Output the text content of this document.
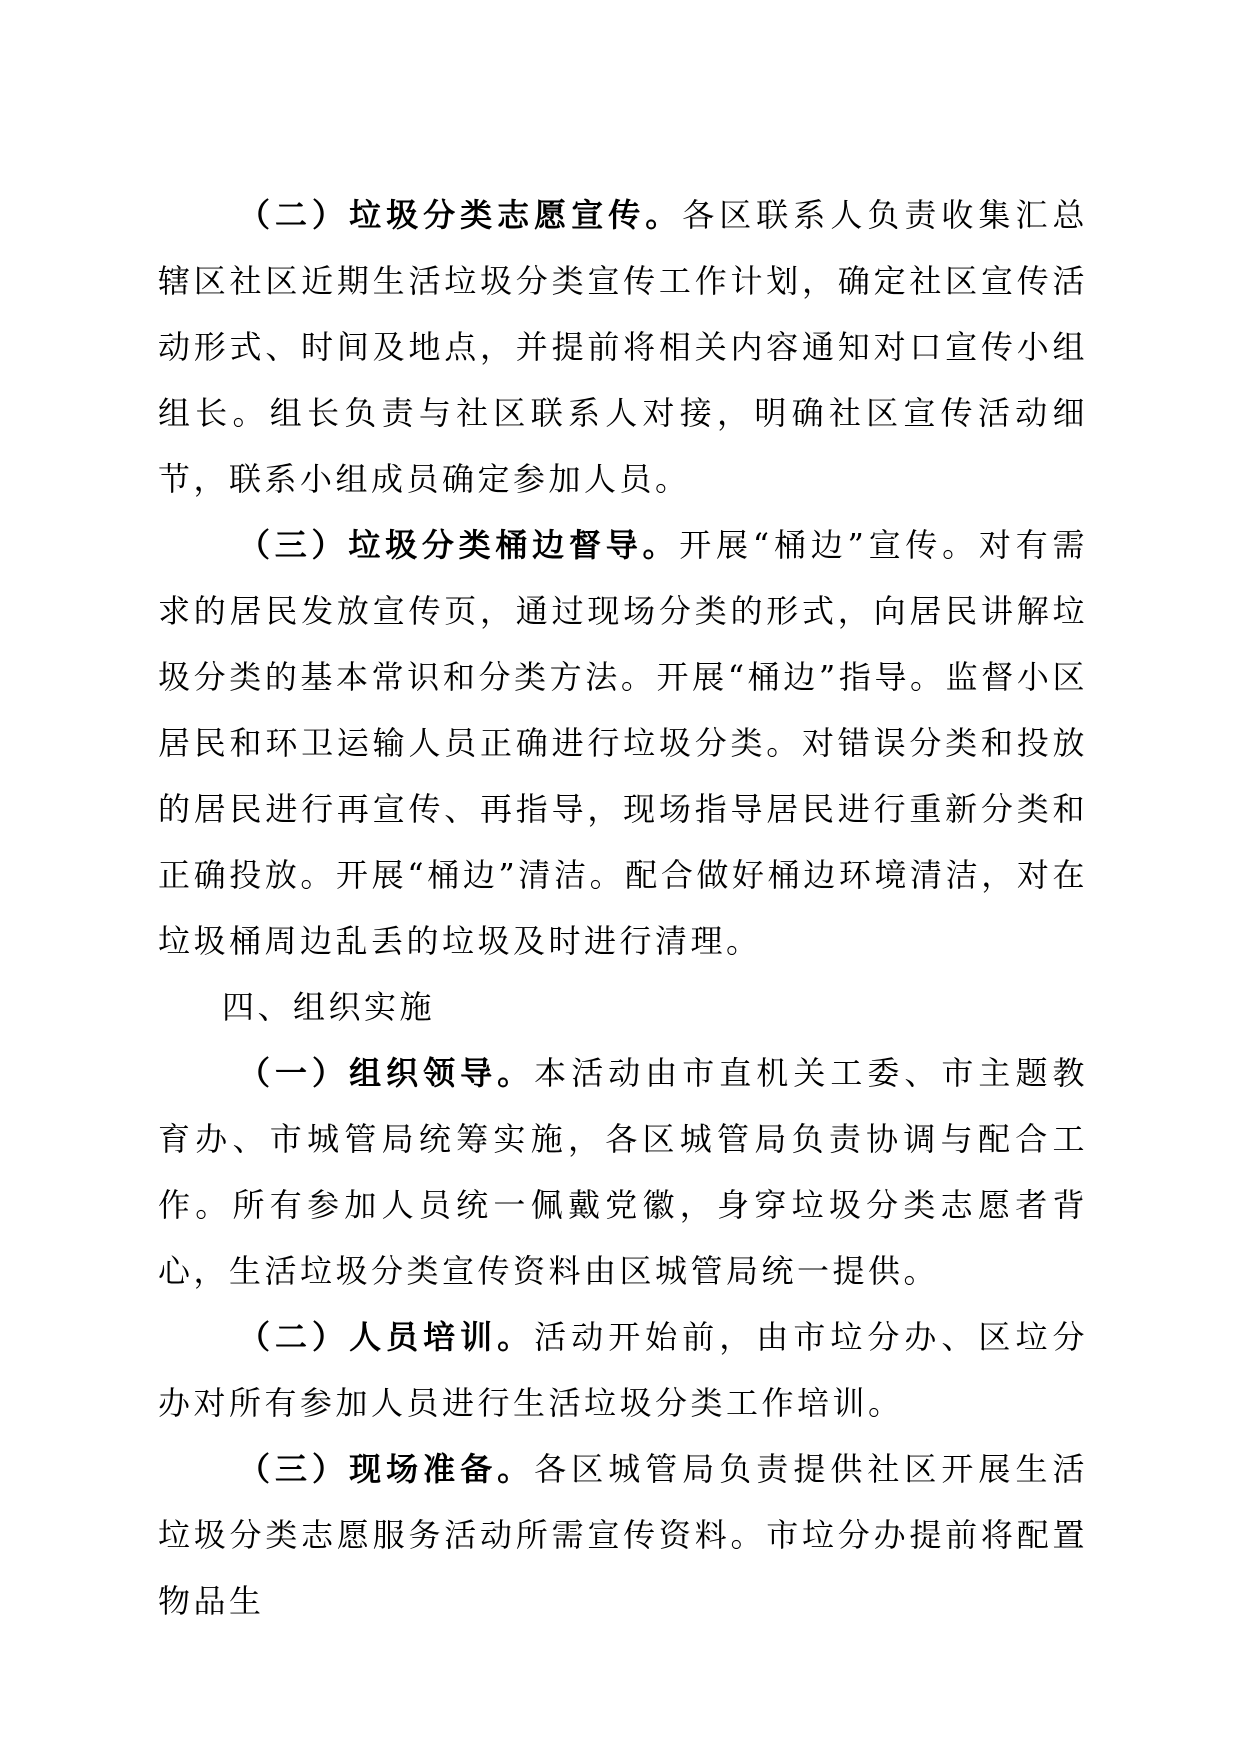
（二）垃圾分类志愿宣传。各区联系人负责收集汇总辖区社区近期生活垃圾分类宣传工作计划，确定社区宣传活动形式、时间及地点，并提前将相关内容通知对口宣传小组组长。组长负责与社区联系人对接，明确社区宣传活动细节，联系小组成员确定参加人员。

（三）垃圾分类桶边督导。开展“桶边”宣传。对有需求的居民发放宣传页，通过现场分类的形式，向居民讲解垃圾分类的基本常识和分类方法。开展“桶边”指导。监督小区居民和环卫运输人员正确进行垃圾分类。对错误分类和投放的居民进行再宣传、再指导，现场指导居民进行重新分类和正确投放。开展“桶边”清洁。配合做好桶边环境清洁，对在垃圾桶周边乱丢的垃圾及时进行清理。

四、组织实施

（一）组织领导。本活动由市直机关工委、市主题教育办、市城管局统筹实施，各区城管局负责协调与配合工作。所有参加人员统一佩戴党徽，身穿垃圾分类志愿者背心，生活垃圾分类宣传资料由区城管局统一提供。

（二）人员培训。活动开始前，由市垃分办、区垃分办对所有参加人员进行生活垃圾分类工作培训。

（三）现场准备。各区城管局负责提供社区开展生活垃圾分类志愿服务活动所需宣传资料。市垃分办提前将配置物品生
